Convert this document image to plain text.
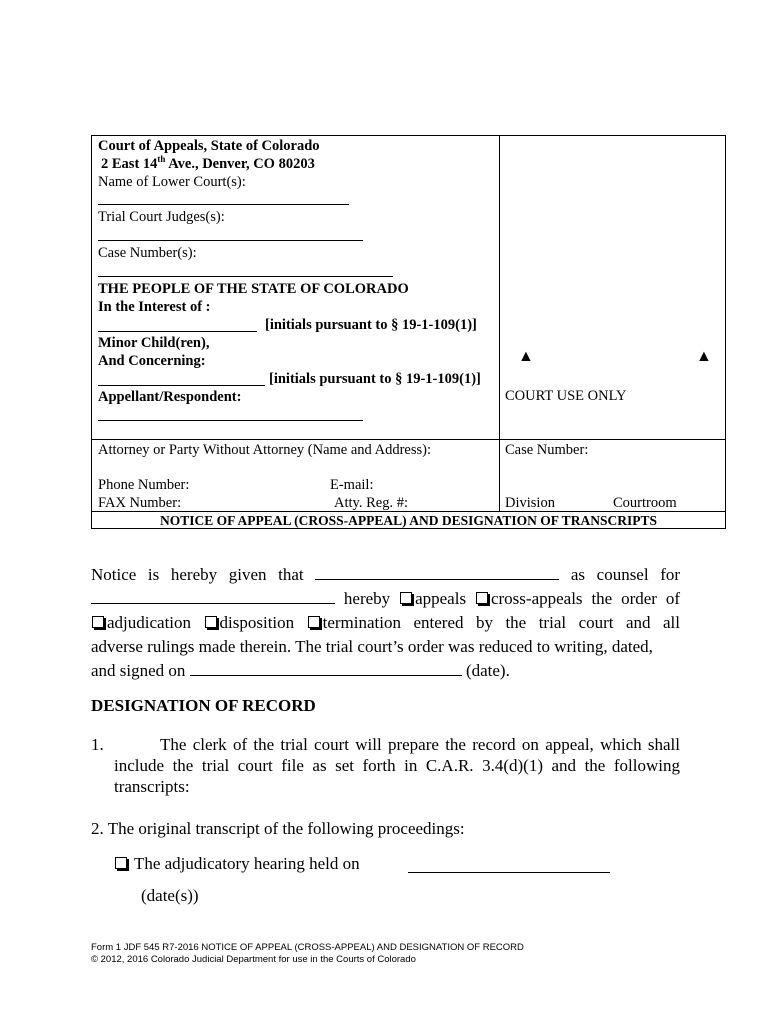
Court of Appeals, State of Colorado
2 East 14th Ave., Denver, CO 80203
Name of Lower Court(s):
Trial Court Judges(s):
Case Number(s):
THE PEOPLE OF THE STATE OF COLORADO
In the Interest of :
[initials pursuant to § 19-1-109(1)]
Minor Child(ren),
And Concerning:
[initials pursuant to § 19-1-109(1)]
Appellant/Respondent:
▲	▲
COURT USE ONLY
Attorney or Party Without Attorney (Name and Address):
Phone Number:	E-mail:
FAX Number:	Atty. Reg. #:
Case Number:
Division	Courtroom
NOTICE OF APPEAL (CROSS-APPEAL) AND DESIGNATION OF TRANSCRIPTS
Notice is hereby given that	as counsel for
hereby appeals cross-appeals the order of
adjudication disposition termination entered by the trial court and all
adverse rulings made therein. The trial court’s order was reduced to writing, dated,
and signed on	(date).
DESIGNATION OF RECORD
1.	The clerk of the trial court will prepare the record on appeal, which shall
include the trial court file as set forth in C.A.R. 3.4(d)(1) and the following
transcripts:
2. The original transcript of the following proceedings:
The adjudicatory hearing held on
(date(s))
Form 1 JDF 545 R7-2016 NOTICE OF APPEAL (CROSS-APPEAL) AND DESIGNATION OF RECORD
© 2012, 2016 Colorado Judicial Department for use in the Courts of Colorado
